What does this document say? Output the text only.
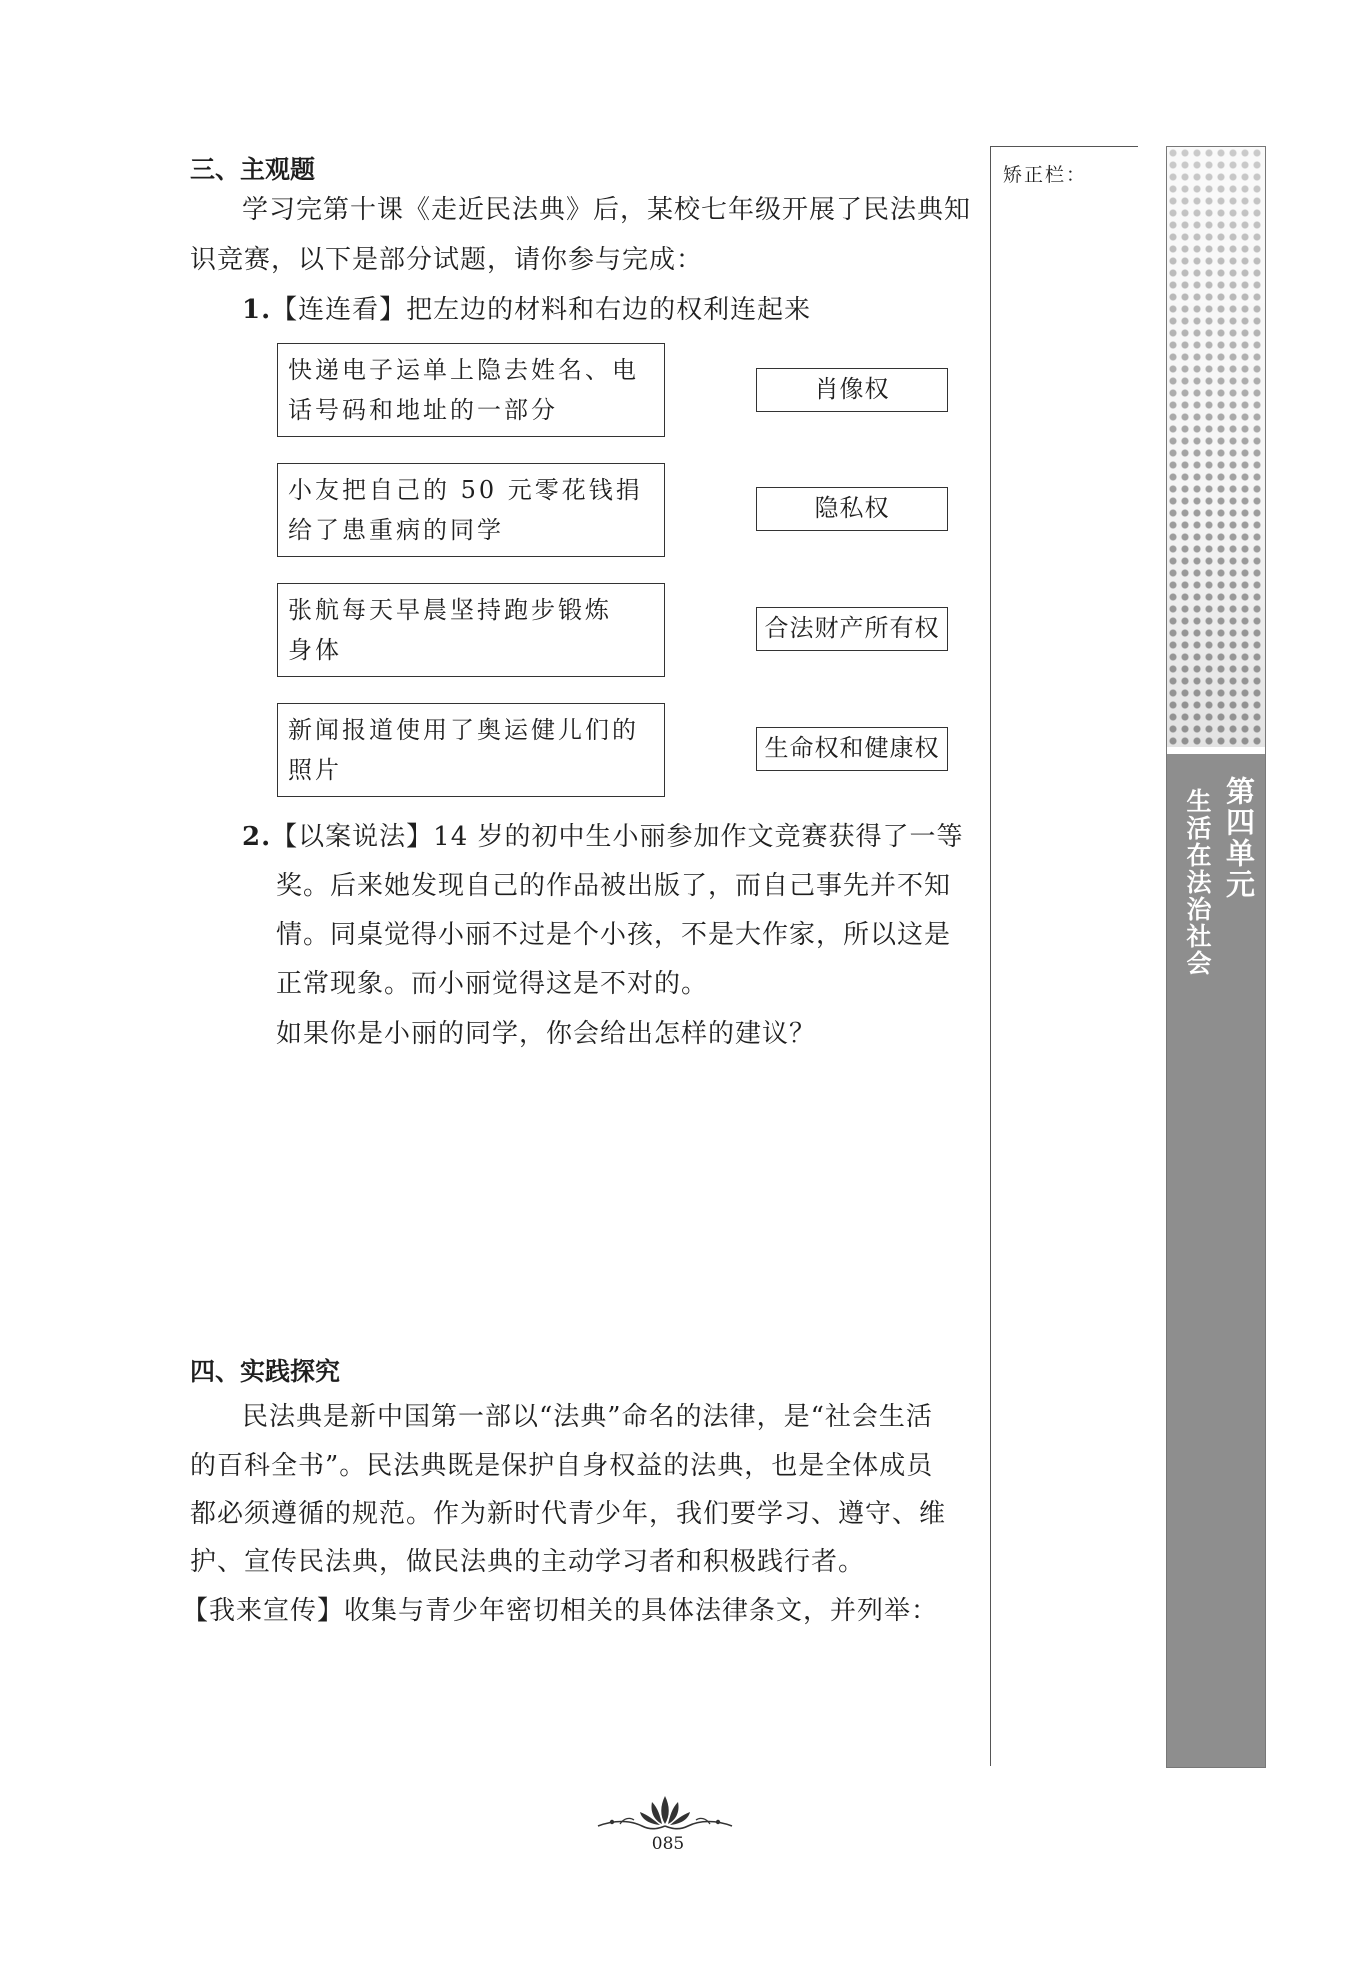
三、主观题
学习完第十课《走近民法典》后，某校七年级开展了民法典知
识竞赛，以下是部分试题，请你参与完成：
1.【连连看】把左边的材料和右边的权利连起来
快递电子运单上隐去姓名、电
话号码和地址的一部分
小友把自己的 50 元零花钱捐
给了患重病的同学
张航每天早晨坚持跑步锻炼
身体
新闻报道使用了奥运健儿们的
照片
肖像权
隐私权
合法财产所有权
生命权和健康权
2.【以案说法】14 岁的初中生小丽参加作文竞赛获得了一等
奖。后来她发现自己的作品被出版了，而自己事先并不知
情。同桌觉得小丽不过是个小孩，不是大作家，所以这是
正常现象。而小丽觉得这是不对的。
如果你是小丽的同学，你会给出怎样的建议？
四、实践探究
民法典是新中国第一部以“法典”命名的法律，是“社会生活
的百科全书”。民法典既是保护自身权益的法典，也是全体成员
都必须遵循的规范。作为新时代青少年，我们要学习、遵守、维
护、宣传民法典，做民法典的主动学习者和积极践行者。
【我来宣传】收集与青少年密切相关的具体法律条文，并列举：
矫正栏：
第四单元
生活在法治社会
085
